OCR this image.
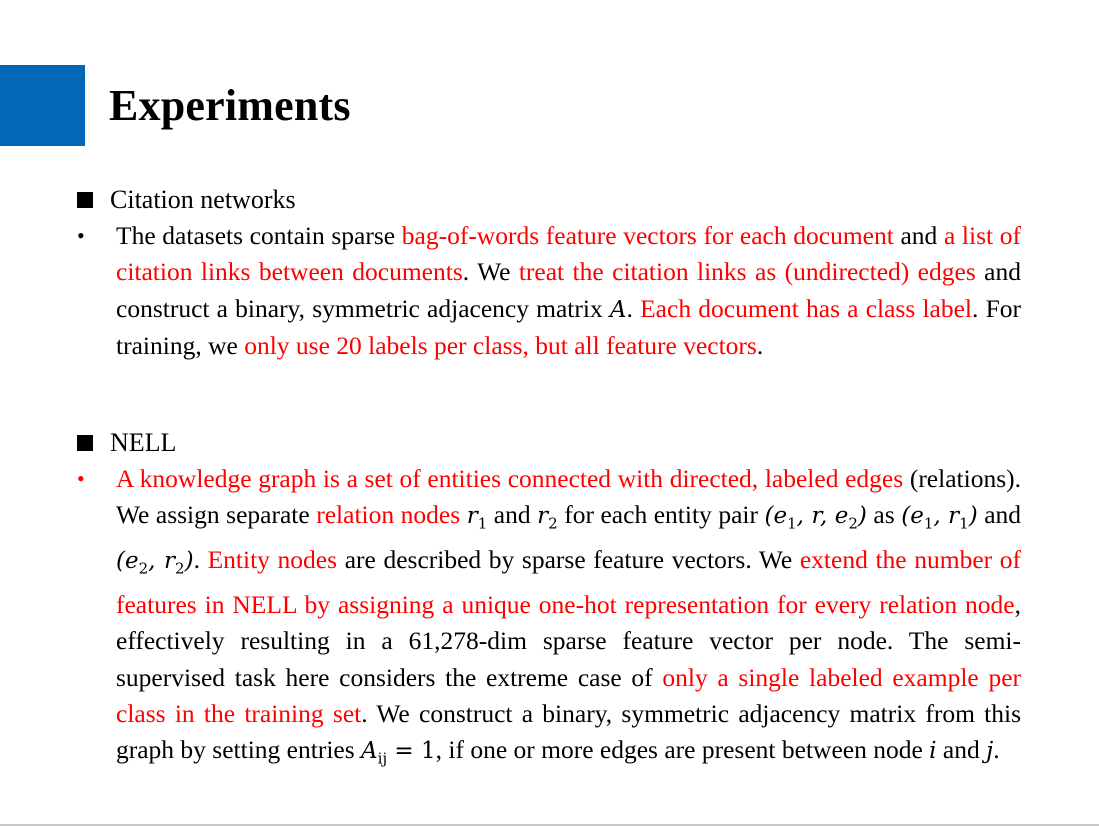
Experiments
Citation networks
•	The datasets contain sparse bag-of-words feature vectors for each document and a list of citation links between documents. We treat the citation links as (undirected) edges and construct a binary, symmetric adjacency matrix A. Each document has a class label. For training, we only use 20 labels per class, but all feature vectors.
NELL
•	A knowledge graph is a set of entities connected with directed, labeled edges (relations). We assign separate relation nodes $r_1$ and $r_2$ for each entity pair ($e_1$, r, $e_2$) as ($e_1$, $r_1$) and ($e_2$, $r_2$). Entity nodes are described by sparse feature vectors. We extend the number of features in NELL by assigning a unique one-hot representation for every relation node, effectively resulting in a 61,278-dim sparse feature vector per node. The semi-supervised task here considers the extreme case of only a single labeled example per class in the training set. We construct a binary, symmetric adjacency matrix from this graph by setting entries $A_{ij} = 1$, if one or more edges are present between node i and j.
